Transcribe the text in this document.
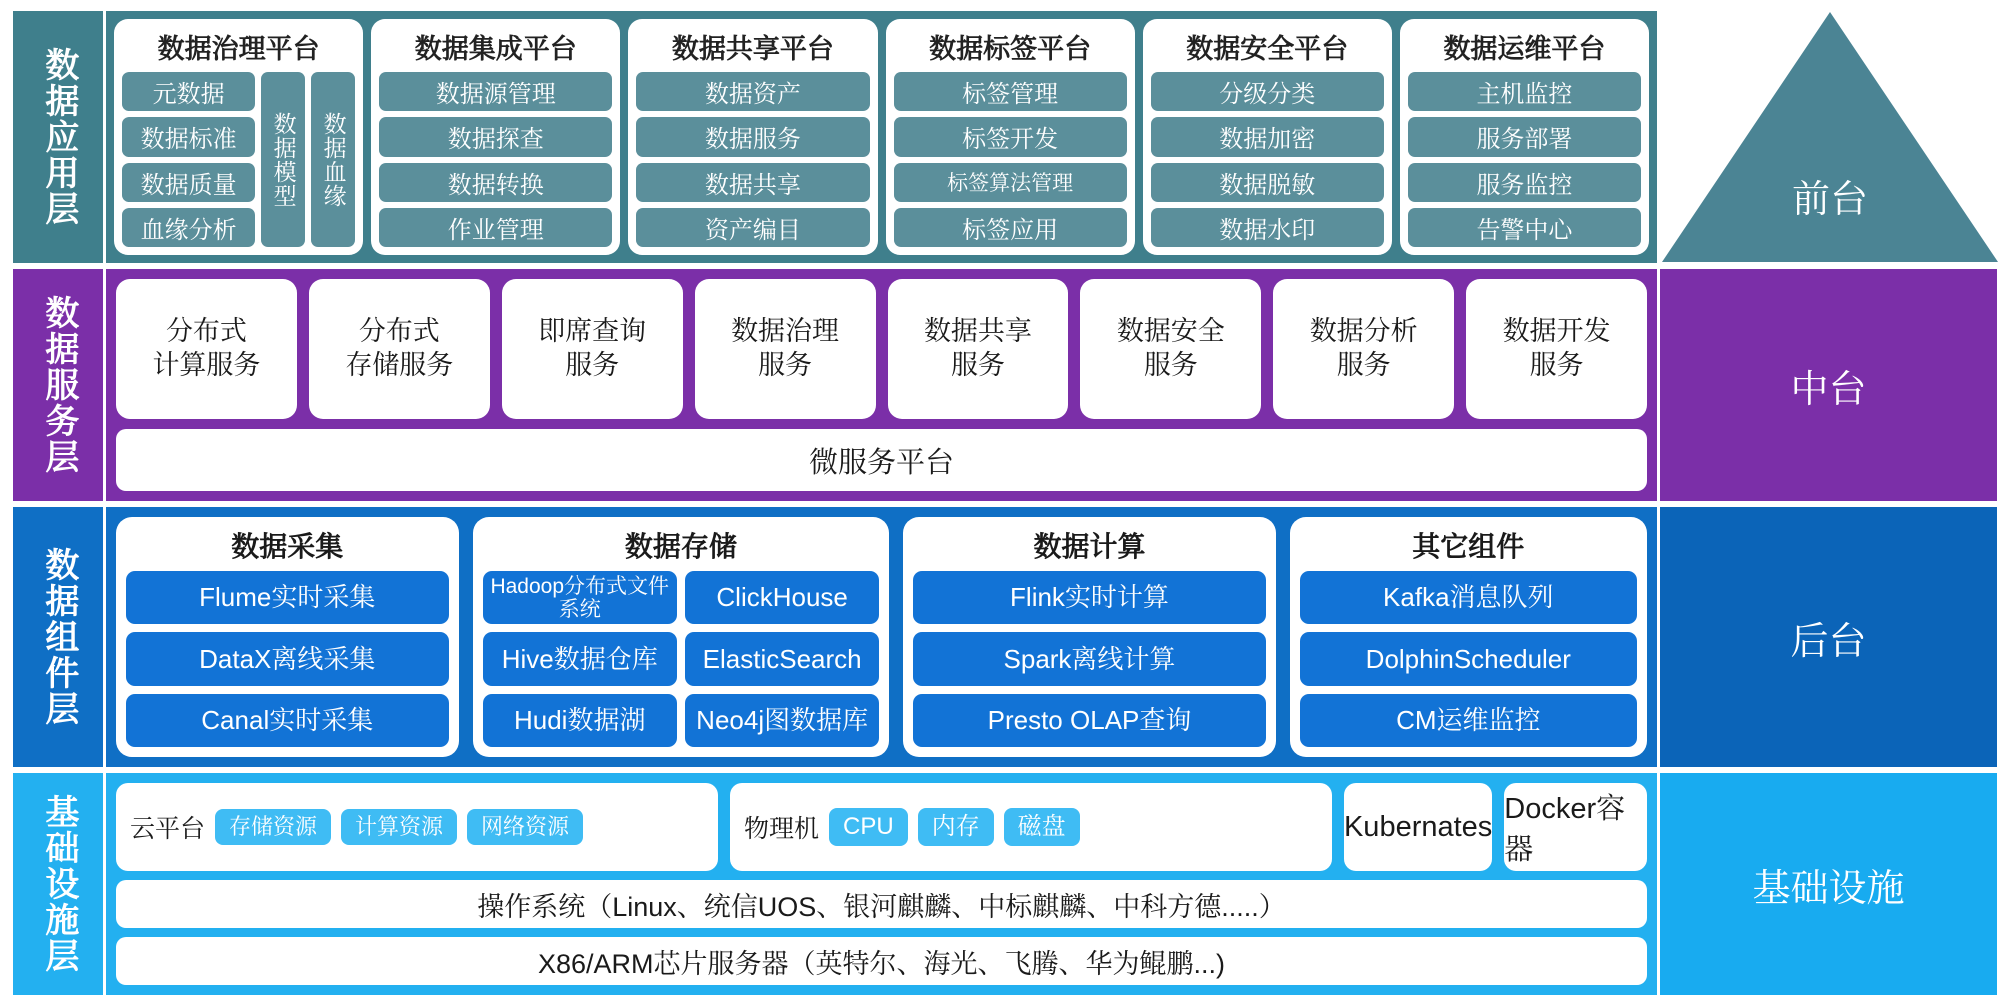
数据应用层	数据治理平台
元数据
数据标准
数据质量
血缘分析
数据模型 数据血缘
数据集成平台
数据源管理
数据探查
数据转换
作业管理
数据共享平台
数据资产
数据服务
数据共享
资产编目
数据标签平台
标签管理
标签开发
标签算法管理
标签应用
数据安全平台
分级分类
数据加密
数据脱敏
数据水印
数据运维平台
主机监控
服务部署
服务监控
告警中心
前台
数据服务层	分布式
计算服务
分布式
存储服务
即席查询
服务
数据治理
服务
数据共享
服务
数据安全
服务
数据分析
服务
数据开发
服务
微服务平台
中台
数据组件层
数据采集
Flume实时采集
DataX离线采集
Canal实时采集
数据存储
Hadoop分布式文件系统	ClickHouse
Hive数据仓库	ElasticSearch
Hudi数据湖	Neo4j图数据库
数据计算
Flink实时计算
Spark离线计算
Presto OLAP查询
其它组件
Kafka消息队列
DolphinScheduler
CM运维监控
后台
基础设施层 云平台	存储资源	计算资源	网络资源	物理机	CPU	内存	磁盘	Kubernates
Docker容器
操作系统（Linux、统信UOS、银河麒麟、中标麒麟、中科方德.....）
X86/ARM芯片服务器（英特尔、海光、飞腾、华为鲲鹏...)
基础设施
